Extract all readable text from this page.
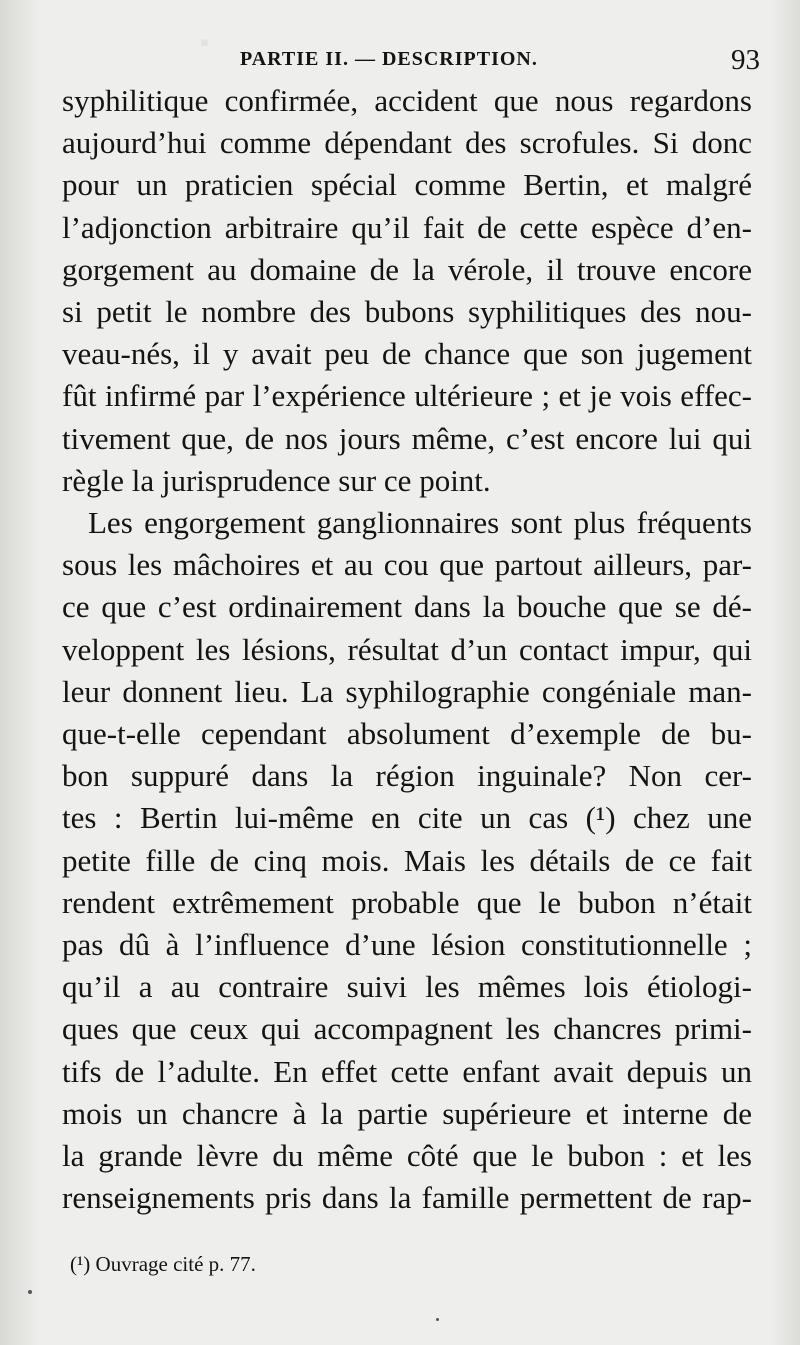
▪
PARTIE II. — DESCRIPTION.	93
syphilitique confirmée, accident que nous regardons
aujourd’hui comme dépendant des scrofules. Si donc
pour un praticien spécial comme Bertin, et malgré
l’adjonction arbitraire qu’il fait de cette espèce d’en-
gorgement au domaine de la vérole, il trouve encore
si petit le nombre des bubons syphilitiques des nou-
veau-nés, il y avait peu de chance que son jugement
fût infirmé par l’expérience ultérieure ; et je vois effec-
tivement que, de nos jours même, c’est encore lui qui
règle la jurisprudence sur ce point.
Les engorgement ganglionnaires sont plus fréquents
sous les mâchoires et au cou que partout ailleurs, par-
ce que c’est ordinairement dans la bouche que se dé-
veloppent les lésions, résultat d’un contact impur, qui
leur donnent lieu. La syphilographie congéniale man-
que-t-elle cependant absolument d’exemple de bu-
bon suppuré dans la région inguinale? Non cer-
tes : Bertin lui-même en cite un cas (¹) chez une
petite fille de cinq mois. Mais les détails de ce fait
rendent extrêmement probable que le bubon n’était
pas dû à l’influence d’une lésion constitutionnelle ;
qu’il a au contraire suivi les mêmes lois étiologi-
ques que ceux qui accompagnent les chancres primi-
tifs de l’adulte. En effet cette enfant avait depuis un
mois un chancre à la partie supérieure et interne de
la grande lèvre du même côté que le bubon : et les
renseignements pris dans la famille permettent de rap-
(¹) Ouvrage cité p. 77.
